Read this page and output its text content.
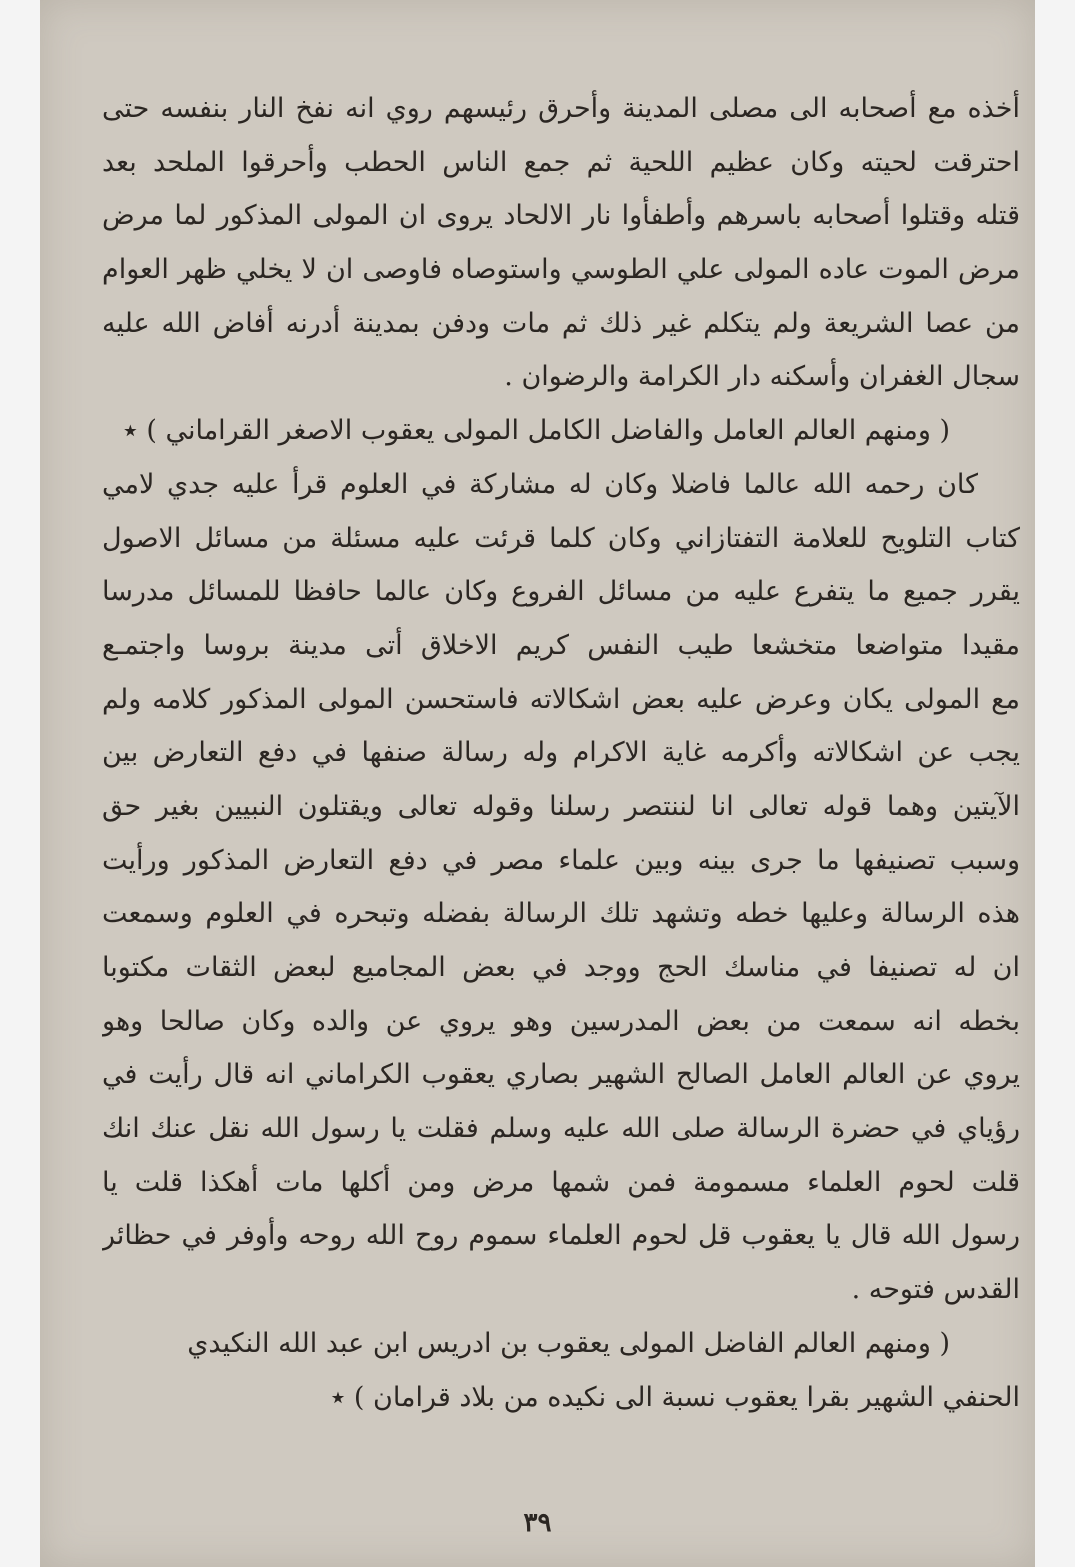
أخذه مع أصحابه الى مصلى المدينة وأحرق رئيسهم روي انه نفخ النار بنفسه حتى
احترقت لحيته وكان عظيم اللحية ثم جمع الناس الحطب وأحرقوا الملحد بعد
قتله وقتلوا أصحابه باسرهم وأطفأوا نار الالحاد يروى ان المولى المذكور لما مرض
مرض الموت عاده المولى علي الطوسي واستوصاه فاوصى ان لا يخلي ظهر العوام
من عصا الشريعة ولم يتكلم غير ذلك ثم مات ودفن بمدينة أدرنه أفاض الله عليه
سجال الغفران وأسكنه دار الكرامة والرضوان .

( ومنهم العالم العامل والفاضل الكامل المولى يعقوب الاصغر القراماني ) ٭

كان رحمه الله عالما فاضلا وكان له مشاركة في العلوم قرأ عليه جدي لامي
كتاب التلويح للعلامة التفتازاني وكان كلما قرئت عليه مسئلة من مسائل الاصول
يقرر جميع ما يتفرع عليه من مسائل الفروع وكان عالما حافظا للمسائل مدرسا
مقيدا متواضعا متخشعا طيب النفس كريم الاخلاق أتى مدينة بروسا واجتمـع
مع المولى يكان وعرض عليه بعض اشكالاته فاستحسن المولى المذكور كلامه ولم
يجب عن اشكالاته وأكرمه غاية الاكرام وله رسالة صنفها في دفع التعارض بين
الآيتين وهما قوله تعالى انا لننتصر رسلنا وقوله تعالى ويقتلون النبيين بغير حق
وسبب تصنيفها ما جرى بينه وبين علماء مصر في دفع التعارض المذكور ورأيت
هذه الرسالة وعليها خطه وتشهد تلك الرسالة بفضله وتبحره في العلوم وسمعت
ان له تصنيفا في مناسك الحج ووجد في بعض المجاميع لبعض الثقات مكتوبا
بخطه انه سمعت من بعض المدرسين وهو يروي عن والده وكان صالحا وهو
يروي عن العالم العامل الصالح الشهير بصاري يعقوب الكراماني انه قال رأيت في
رؤياي في حضرة الرسالة صلى الله عليه وسلم فقلت يا رسول الله نقل عنك انك
قلت لحوم العلماء مسمومة فمن شمها مرض ومن أكلها مات أهكذا قلت يا
رسول الله قال يا يعقوب قل لحوم العلماء سموم روح الله روحه وأوفر في حظائر
القدس فتوحه .

( ومنهم العالم الفاضل المولى يعقوب بن ادريس ابن عبد الله النكيدي
الحنفي الشهير بقرا يعقوب نسبة الى نكيده من بلاد قرامان ) ٭

٣٩
